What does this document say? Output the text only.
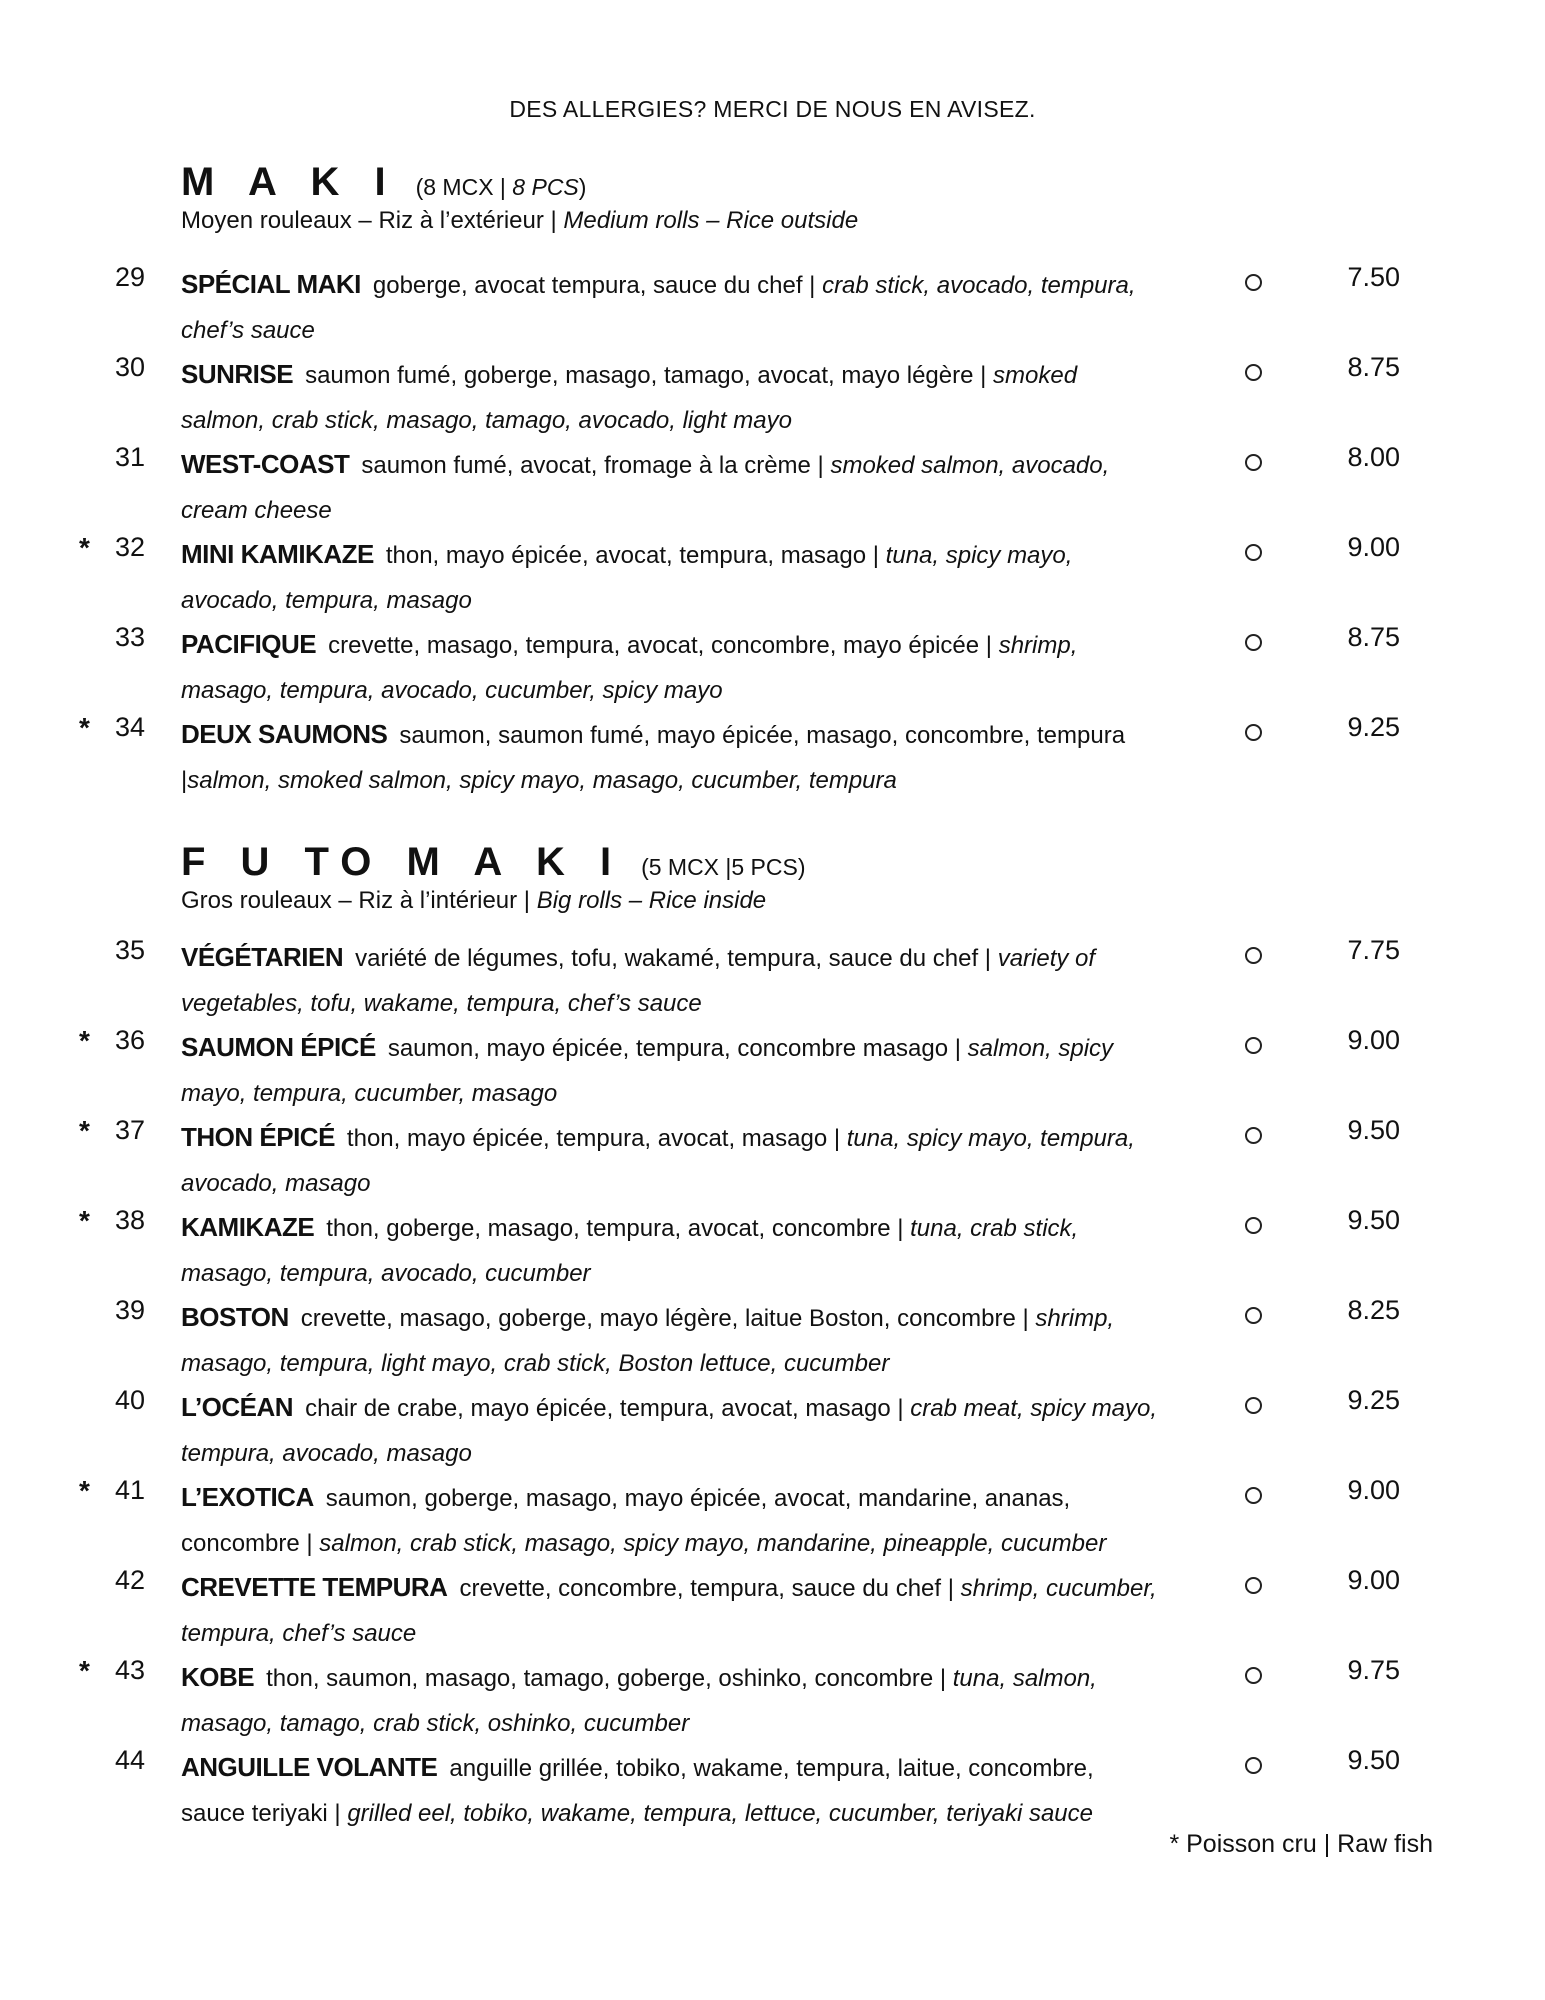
DES ALLERGIES? MERCI DE NOUS EN AVISEZ.
M A K I (8 MCX | 8 PCS)
Moyen rouleaux – Riz à l’extérieur | Medium rolls – Rice outside
F U TO M A K I (5 MCX |5 PCS)
Gros rouleaux – Riz à l’intérieur | Big rolls – Rice inside
29 SPÉCIAL MAKI goberge, avocat tempura, sauce du chef | crab stick, avocado, tempura, chef’s sauce
7.50
30 SUNRISE saumon fumé, goberge, masago, tamago, avocat, mayo légère | smoked salmon, crab stick, masago, tamago, avocado, light mayo
8.75
31 WEST-COAST saumon fumé, avocat, fromage à la crème | smoked salmon, avocado, cream cheese
8.00
* 32 MINI KAMIKAZE thon, mayo épicée, avocat, tempura, masago | tuna, spicy mayo, avocado, tempura, masago
9.00
33 PACIFIQUE crevette, masago, tempura, avocat, concombre, mayo épicée | shrimp, masago, tempura, avocado, cucumber, spicy mayo
8.75
* 34 DEUX SAUMONS saumon, saumon fumé, mayo épicée, masago, concombre, tempura |salmon, smoked salmon, spicy mayo, masago, cucumber, tempura
9.25
35 VÉGÉTARIEN variété de légumes, tofu, wakamé, tempura, sauce du chef | variety of vegetables, tofu, wakame, tempura, chef’s sauce
7.75
* 36 SAUMON ÉPICÉ saumon, mayo épicée, tempura, concombre masago | salmon, spicy mayo, tempura, cucumber, masago
9.00
* 37 THON ÉPICÉ thon, mayo épicée, tempura, avocat, masago | tuna, spicy mayo, tempura, avocado, masago
9.50
* 38 KAMIKAZE thon, goberge, masago, tempura, avocat, concombre | tuna, crab stick, masago, tempura, avocado, cucumber
9.50
39 BOSTON crevette, masago, goberge, mayo légère, laitue Boston, concombre | shrimp, masago, tempura, light mayo, crab stick, Boston lettuce, cucumber
8.25
40 L’OCÉAN chair de crabe, mayo épicée, tempura, avocat, masago | crab meat, spicy mayo, tempura, avocado, masago
9.25
* 41 L’EXOTICA saumon, goberge, masago, mayo épicée, avocat, mandarine, ananas, concombre | salmon, crab stick, masago, spicy mayo, mandarine, pineapple, cucumber
9.00
42 CREVETTE TEMPURA crevette, concombre, tempura, sauce du chef | shrimp, cucumber, tempura, chef’s sauce
9.00
* 43 KOBE thon, saumon, masago, tamago, goberge, oshinko, concombre | tuna, salmon, masago, tamago, crab stick, oshinko, cucumber
9.75
44 ANGUILLE VOLANTE anguille grillée, tobiko, wakame, tempura, laitue, concombre, sauce teriyaki | grilled eel, tobiko, wakame, tempura, lettuce, cucumber, teriyaki sauce
9.50
* Poisson cru | Raw fish
